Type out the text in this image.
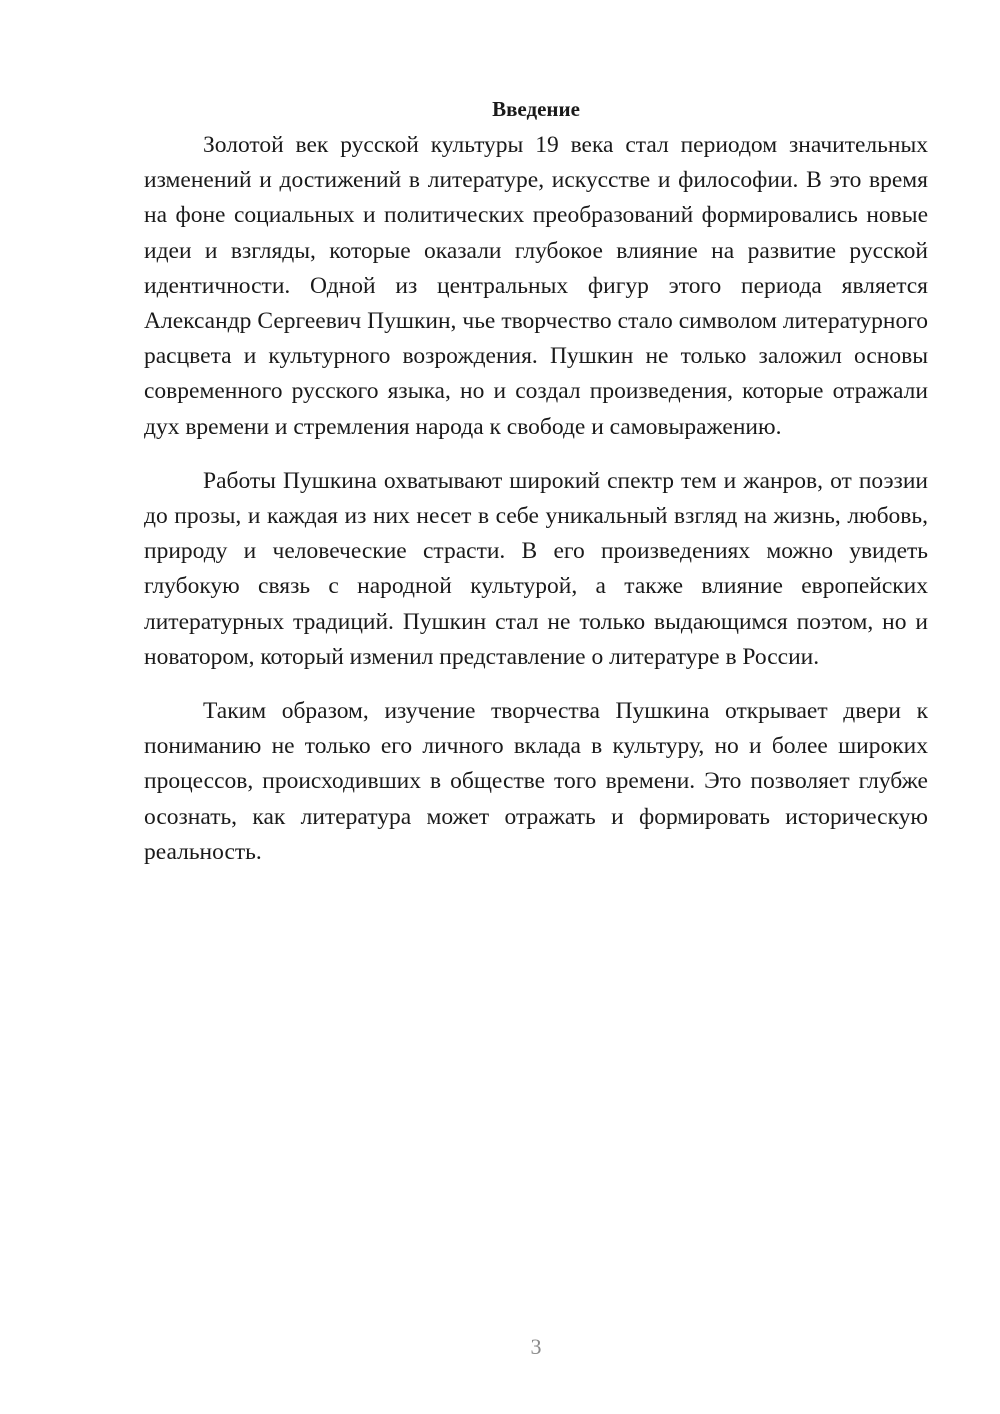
Введение

Золотой век русской культуры 19 века стал периодом значительных изменений и достижений в литературе, искусстве и философии. В это время на фоне социальных и политических преобразований формировались новые идеи и взгляды, которые оказали глубокое влияние на развитие русской идентичности. Одной из центральных фигур этого периода является Александр Сергеевич Пушкин, чье творчество стало символом литературного расцвета и культурного возрождения. Пушкин не только заложил основы современного русского языка, но и создал произведения, которые отражали дух времени и стремления народа к свободе и самовыражению.

Работы Пушкина охватывают широкий спектр тем и жанров, от поэзии до прозы, и каждая из них несет в себе уникальный взгляд на жизнь, любовь, природу и человеческие страсти. В его произведениях можно увидеть глубокую связь с народной культурой, а также влияние европейских литературных традиций. Пушкин стал не только выдающимся поэтом, но и новатором, который изменил представление о литературе в России.

Таким образом, изучение творчества Пушкина открывает двери к пониманию не только его личного вклада в культуру, но и более широких процессов, происходивших в обществе того времени. Это позволяет глубже осознать, как литература может отражать и формировать историческую реальность.

3
